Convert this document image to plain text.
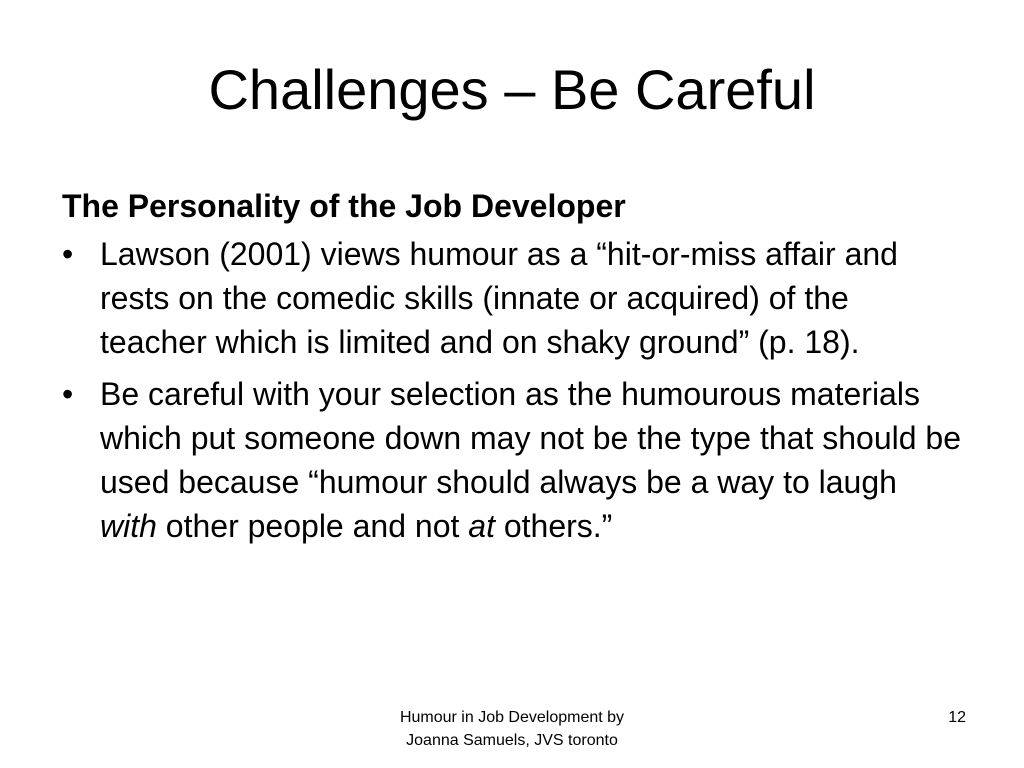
Challenges – Be Careful

The Personality of the Job Developer

• Lawson (2001) views humour as a “hit-or-miss affair and rests on the comedic skills (innate or acquired) of the teacher which is limited and on shaky ground” (p. 18).
• Be careful with your selection as the humourous materials which put someone down may not be the type that should be used because “humour should always be a way to laugh with other people and not at others.”
Humour in Job Development by
Joanna Samuels, JVS toronto
12
